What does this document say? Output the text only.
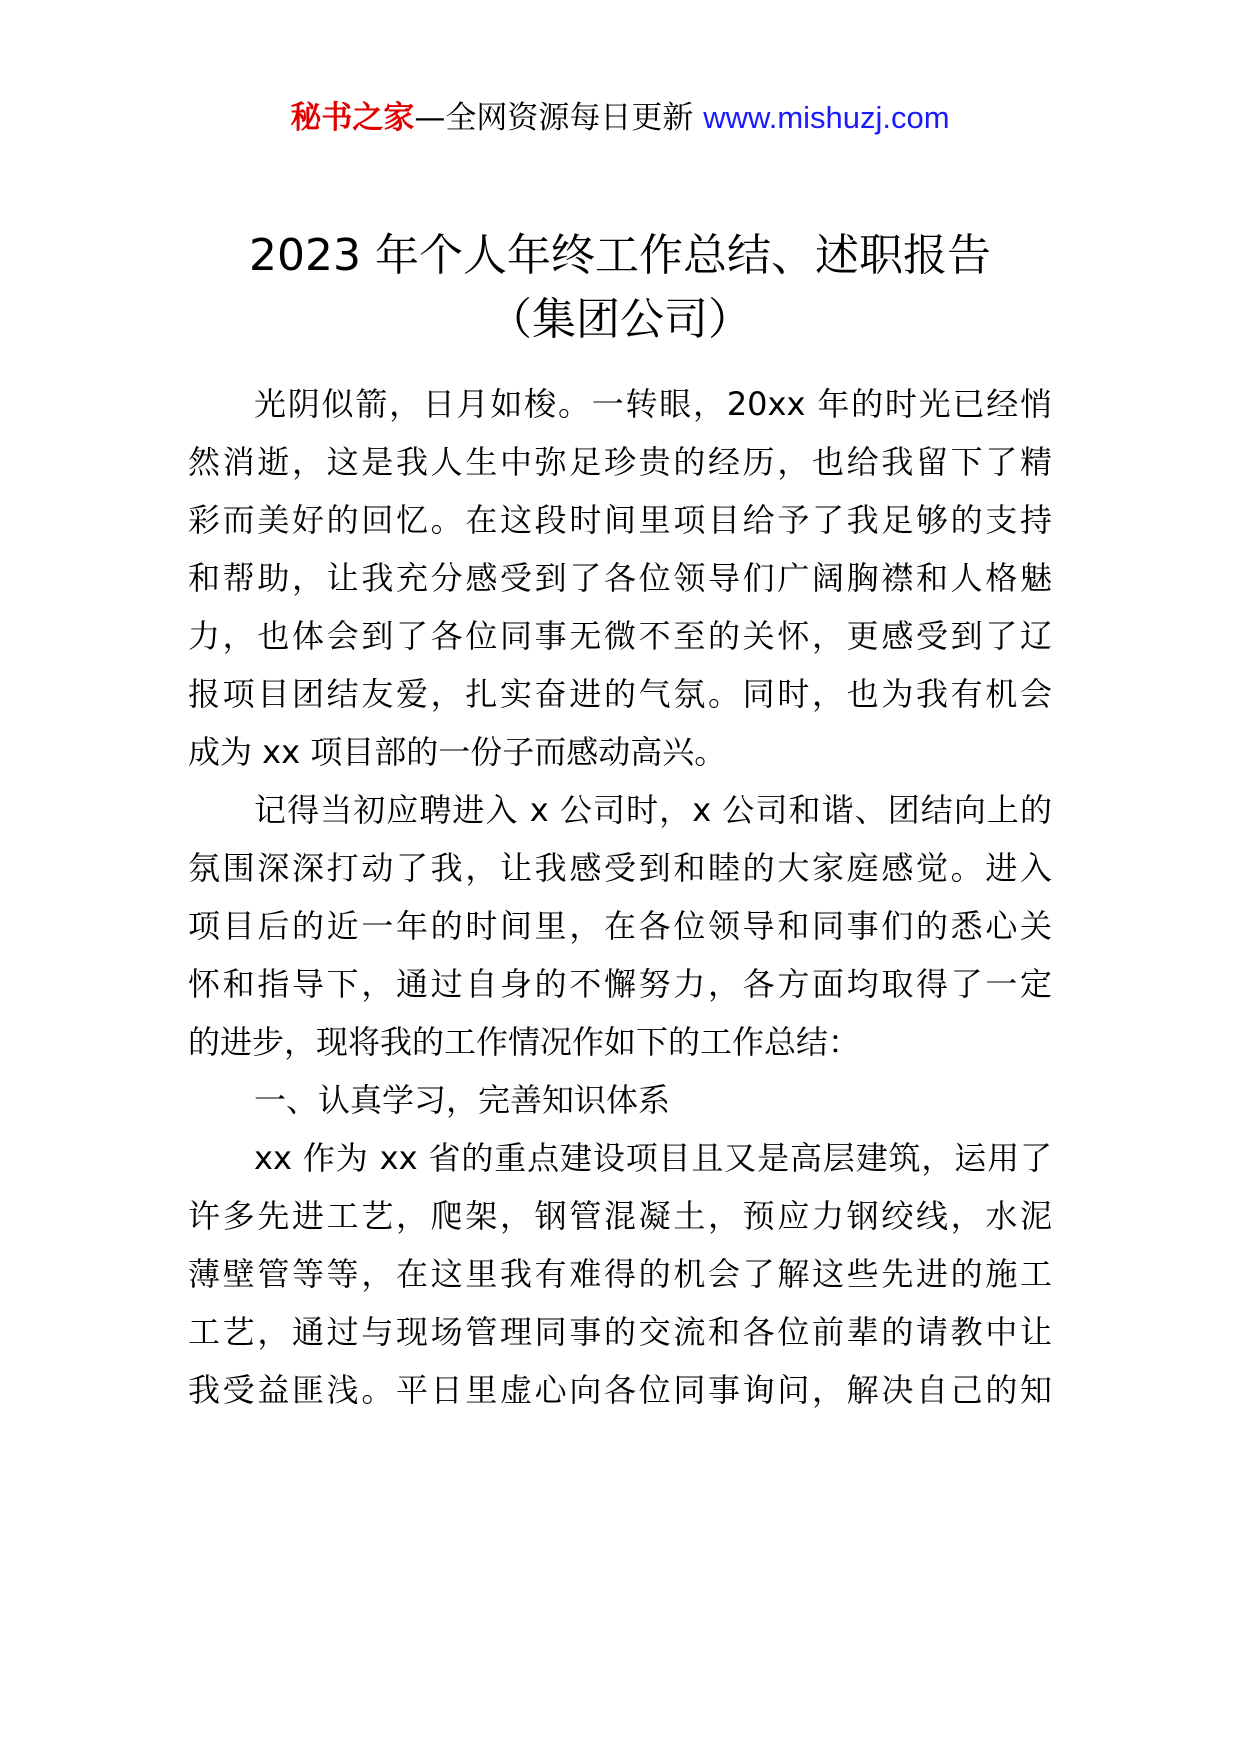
秘书之家—全网资源每日更新 www.mishuzj.com
2023 年个人年终工作总结、述职报告
（集团公司）
光阴似箭，日月如梭。一转眼，20xx 年的时光已经悄
然消逝，这是我人生中弥足珍贵的经历，也给我留下了精
彩而美好的回忆。在这段时间里项目给予了我足够的支持
和帮助，让我充分感受到了各位领导们广阔胸襟和人格魅
力，也体会到了各位同事无微不至的关怀，更感受到了辽
报项目团结友爱，扎实奋进的气氛。同时，也为我有机会
成为 xx 项目部的一份子而感动高兴。
记得当初应聘进入 x 公司时，x 公司和谐、团结向上的
氛围深深打动了我，让我感受到和睦的大家庭感觉。进入
项目后的近一年的时间里，在各位领导和同事们的悉心关
怀和指导下，通过自身的不懈努力，各方面均取得了一定
的进步，现将我的工作情况作如下的工作总结：
一、认真学习，完善知识体系
xx 作为 xx 省的重点建设项目且又是高层建筑，运用了
许多先进工艺，爬架，钢管混凝土，预应力钢绞线，水泥
薄壁管等等，在这里我有难得的机会了解这些先进的施工
工艺，通过与现场管理同事的交流和各位前辈的请教中让
我受益匪浅。平日里虚心向各位同事询问，解决自己的知
